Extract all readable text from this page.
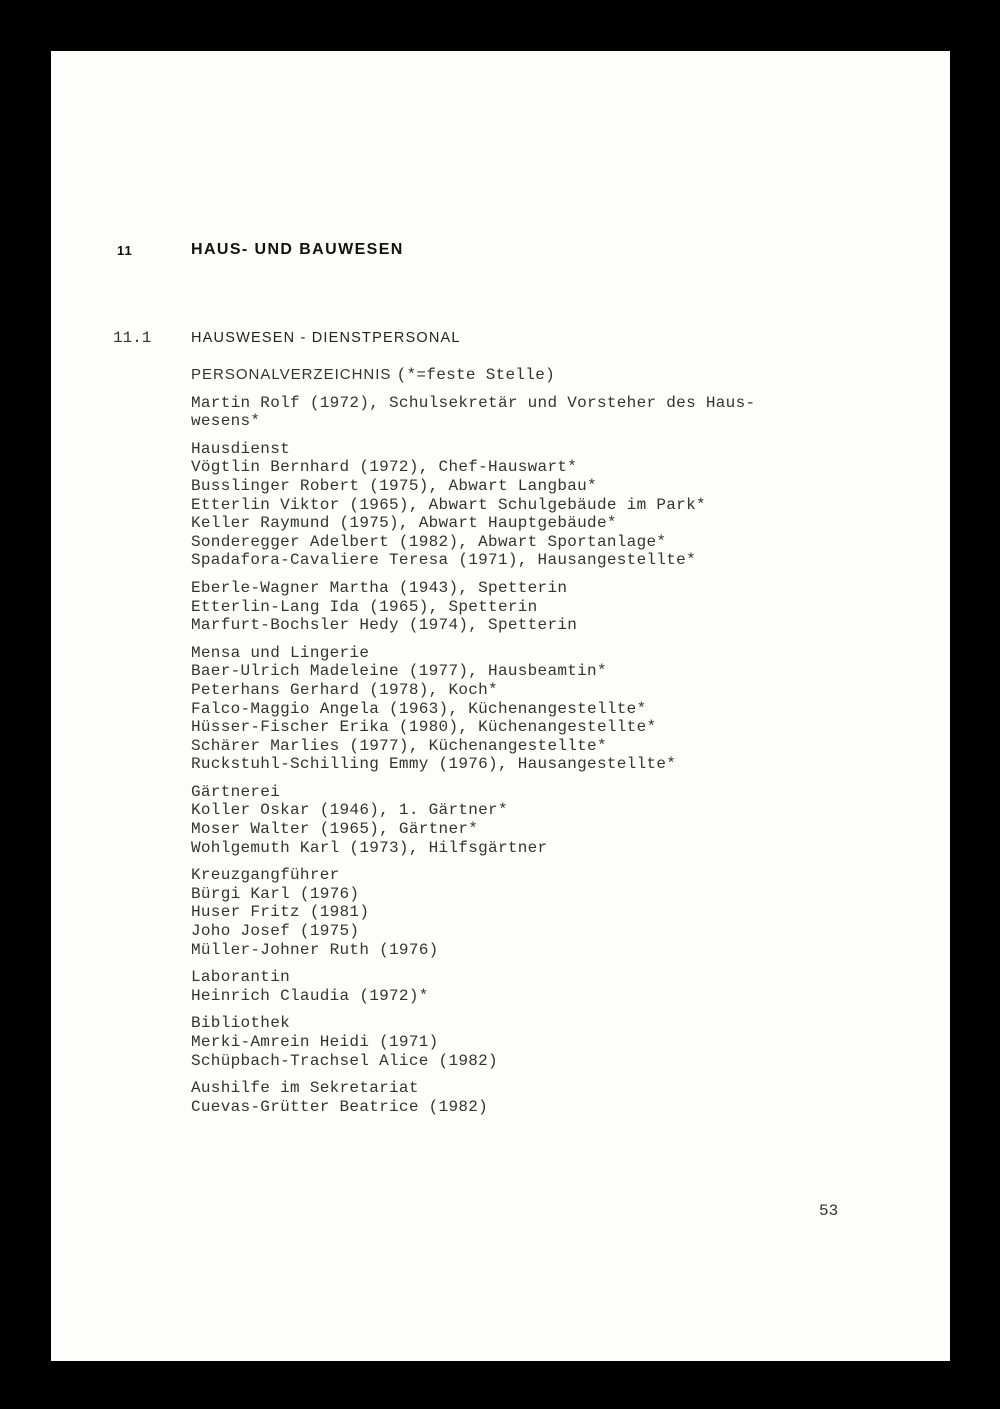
11	HAUS- UND BAUWESEN
11.1	HAUSWESEN - DIENSTPERSONAL
PERSONALVERZEICHNIS (*=feste Stelle)
Martin Rolf (1972), Schulsekretär und Vorsteher des Haus-
wesens*
Hausdienst
Vögtlin Bernhard (1972), Chef-Hauswart*
Busslinger Robert (1975), Abwart Langbau*
Etterlin Viktor (1965), Abwart Schulgebäude im Park*
Keller Raymund (1975), Abwart Hauptgebäude*
Sonderegger Adelbert (1982), Abwart Sportanlage*
Spadafora-Cavaliere Teresa (1971), Hausangestellte*
Eberle-Wagner Martha (1943), Spetterin
Etterlin-Lang Ida (1965), Spetterin
Marfurt-Bochsler Hedy (1974), Spetterin
Mensa und Lingerie
Baer-Ulrich Madeleine (1977), Hausbeamtin*
Peterhans Gerhard (1978), Koch*
Falco-Maggio Angela (1963), Küchenangestellte*
Hüsser-Fischer Erika (1980), Küchenangestellte*
Schärer Marlies (1977), Küchenangestellte*
Ruckstuhl-Schilling Emmy (1976), Hausangestellte*
Gärtnerei
Koller Oskar (1946), 1. Gärtner*
Moser Walter (1965), Gärtner*
Wohlgemuth Karl (1973), Hilfsgärtner
Kreuzgangführer
Bürgi Karl (1976)
Huser Fritz (1981)
Joho Josef (1975)
Müller-Johner Ruth (1976)
Laborantin
Heinrich Claudia (1972)*
Bibliothek
Merki-Amrein Heidi (1971)
Schüpbach-Trachsel Alice (1982)
Aushilfe im Sekretariat
Cuevas-Grütter Beatrice (1982)
53
